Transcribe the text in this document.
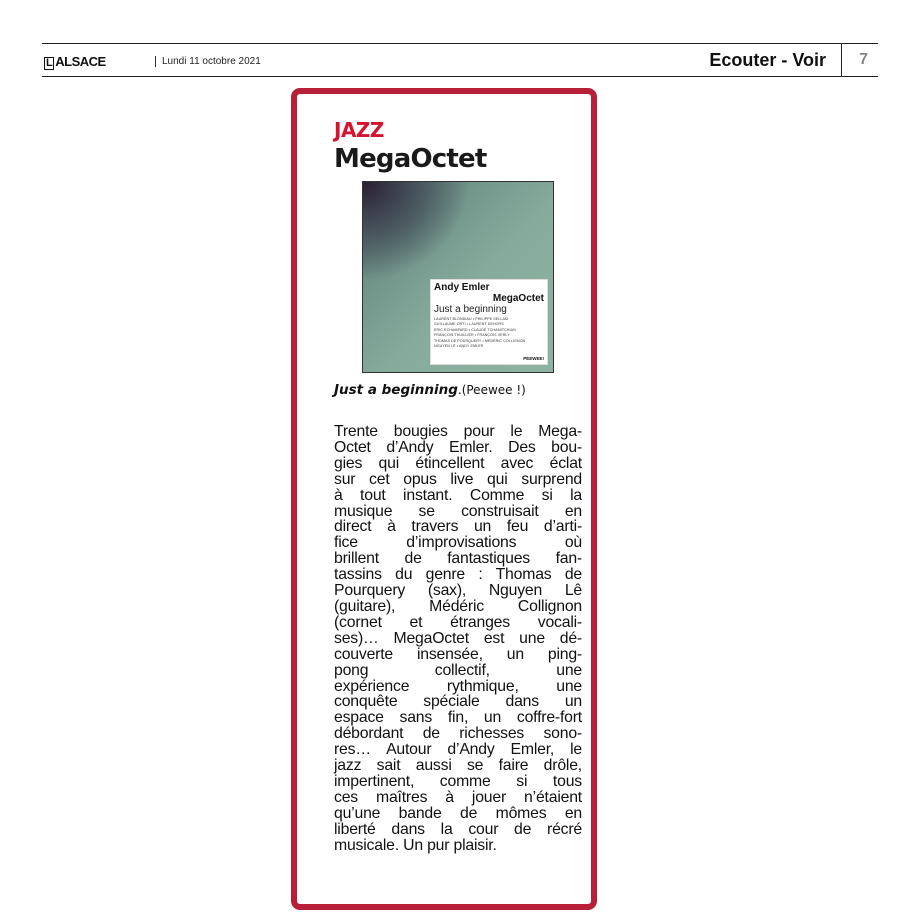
L ALSACE	Lundi 11 octobre 2021	Ecouter - Voir 7
JAZZ
MegaOctet
Andy Emler
MegaOctet
Just a beginning
LAURENT BLONDIAU • PHILIPPE SELLAM
GUILLAUME ORTI • LAURENT DEHORS
ERIC ECHAMPARD • CLAUDE TCHAMITCHIAN
FRANÇOIS THUILLIER • FRANÇOIS VERLY
THOMAS DE POURQUERY • MÉDÉRIC COLLIGNON
NGUYEN LÊ • ANDY EMLER
PEEWEE!
Just a beginning.(Peewee !)
Trente bougies pour le Mega-
Octet d’Andy Emler. Des bou-
gies qui étincellent avec éclat
sur cet opus live qui surprend
à tout instant. Comme si la
musique se construisait en
direct à travers un feu d’arti-
fice d’improvisations où
brillent de fantastiques fan-
tassins du genre : Thomas de
Pourquery (sax), Nguyen Lê
(guitare), Médéric Collignon
(cornet et étranges vocali-
ses)… MegaOctet est une dé-
couverte insensée, un ping-
pong collectif, une
expérience rythmique, une
conquête spéciale dans un
espace sans fin, un coffre-fort
débordant de richesses sono-
res… Autour d’Andy Emler, le
jazz sait aussi se faire drôle,
impertinent, comme si tous
ces maîtres à jouer n’étaient
qu’une bande de mômes en
liberté dans la cour de récré
musicale. Un pur plaisir.
